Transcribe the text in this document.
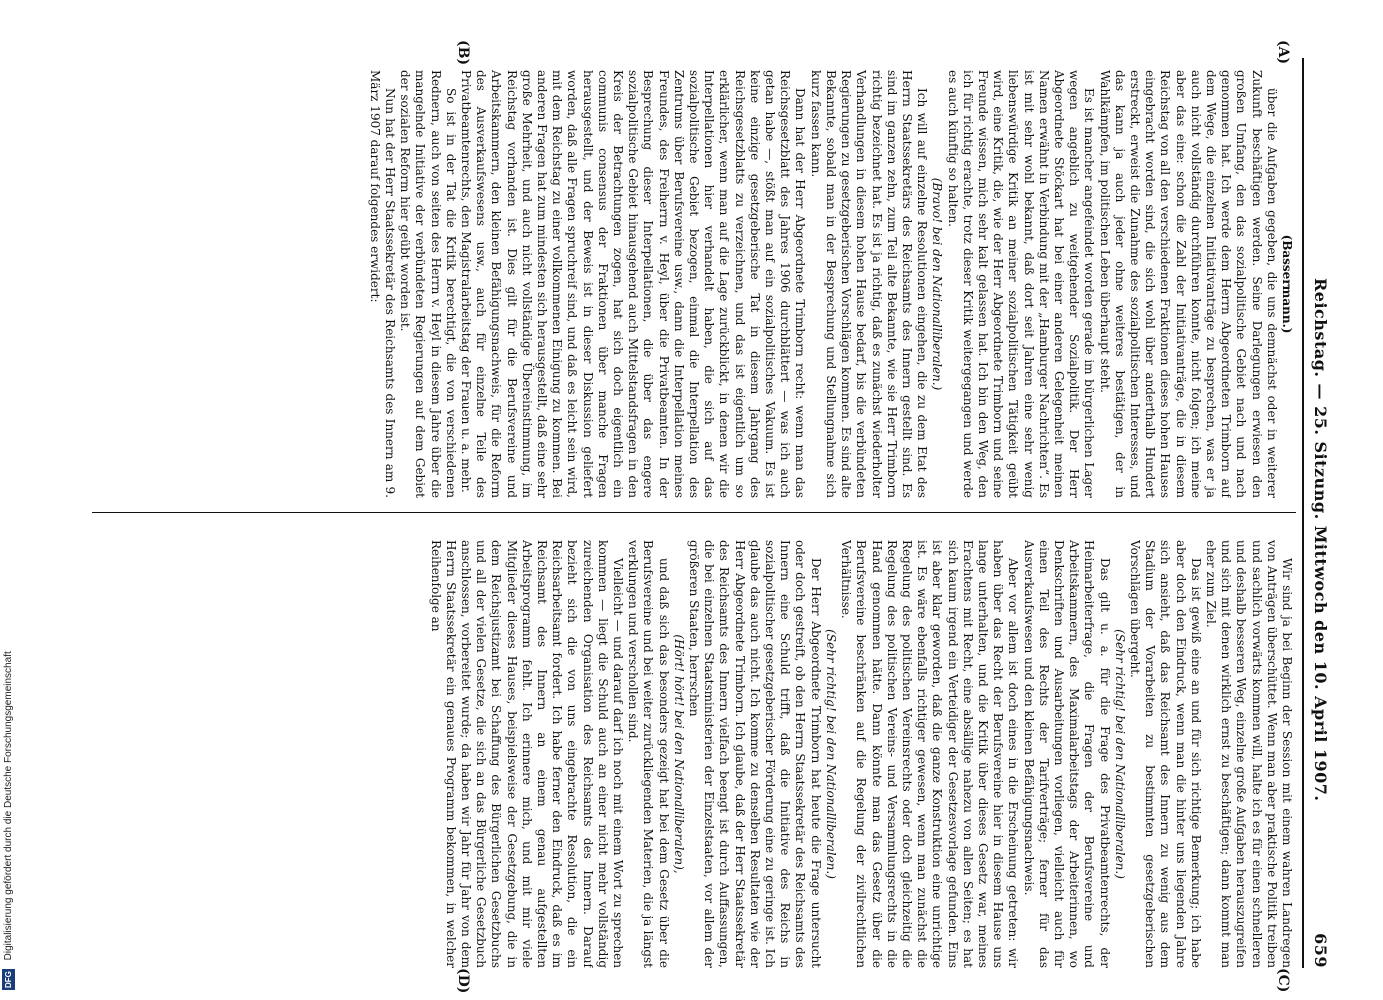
Reichstag. — 25. Sitzung. Mittwoch den 10. April 1907.
659
(A)
(B)
(C)
(D)

(Bassermann.)

über die Aufgaben gegeben, die uns demnächst oder in weiterer Zukunft beschäftigen werden. Seine Darlegungen erwiesen den großen Umfang, den das sozialpolitische Gebiet nach und nach genommen hat. Ich werde dem Herrn Abgeordneten Trimborn auf dem Wege, die einzelnen Initiativanträge zu besprechen, was er ja auch nicht vollständig durchführen konnte, nicht folgen; ich meine aber das eine: schon die Zahl der Initiativanträge, die in diesem Reichstag von all den verschiedenen Fraktionen dieses hohen Hauses eingebracht worden sind, die sich wohl über anderthalb Hundert erstreckt, erweist die Zunahme des sozialpolitischen Interesses, und das kann ja auch jeder ohne weiteres bestätigen, der in Wahlkämpfen, im politischen Leben überhaupt steht.

Es ist mancher angefeindet worden gerade im bürgerlichen Lager wegen angeblich zu weitgehender Sozialpolitik. Der Herr Abgeordnete Stöckart hat bei einer anderen Gelegenheit meinen Namen erwähnt in Verbindung mit der „Hamburger Nachrichten“. Es ist mit sehr wohl bekannt, daß dort seit Jahren eine sehr wenig liebenswürdige Kritik an meiner sozialpolitischen Tätigkeit geübt wird, eine Kritik, die, wie der Herr Abgeordnete Trimborn und seine Freunde wissen, mich sehr kalt gelassen hat. Ich bin den Weg, den ich für richtig erachte, trotz dieser Kritik weitergegangen und werde es auch künftig so halten.

(Bravo! bei den Nationalliberalen.)

Ich will auf einzelne Resolutionen eingehen, die zu dem Etat des Herrn Staatssekretärs des Reichsamts des Innern gestellt sind. Es sind im ganzen zehn, zum Teil alte Bekannte, wie sie Herr Trimborn richtig bezeichnet hat. Es ist ja richtig, daß es zunächst wiederholter Verhandlungen in diesem hohen Hause bedarf, bis die verbündeten Regierungen zu gesetzgeberischen Vorschlägen kommen. Es sind alte Bekannte, sobald man in der Besprechung und Stellungnahme sich kurz fassen kann.

Dann hat der Herr Abgeordnete Trimborn recht: wenn man das Reichsgesetzblatt des Jahres 1906 durchblättert — was ich auch getan habe —, stößt man auf ein sozialpolitisches Vakuum. Es ist keine einzige gesetzgeberische Tat in diesem Jahrgang des Reichsgesetzblatts zu verzeichnen, und das ist eigentlich um so erklärlicher, wenn man auf die Lage zurückblickt, in denen wir die Interpellationen hier verhandelt haben, die sich auf das sozialpolitische Gebiet bezogen, einmal die Interpellation des Zentrums über Berufsvereine usw., dann die Interpellation meines Freundes, des Freiherrn v. Heyl, über die Privatbeamten. In der Besprechung dieser Interpellationen, die über das engere sozialpolitische Gebiet hinausgehend auch Mittelstandsfragen in den Kreis der Betrachtungen zogen, hat sich doch eigentlich ein communis consensus der Fraktionen über manche Fragen herausgestellt, und der Beweis ist in dieser Diskussion geliefert worden, daß alle Fragen spruchreif sind, und daß es leicht sein wird, mit dem Reichstag zu einer vollkommenen Einigung zu kommen. Bei anderen Fragen hat zum mindesten sich herausgestellt, daß eine sehr große Mehrheit, und auch nicht vollständige Übereinstimmung, im Reichstag vorhanden ist. Dies gilt für die Berufsvereine und Arbeitskammern, den kleinen Befähigungsnachweis, für die Reform des Ausverkaufswesens usw., auch für einzelne Teile des Privatbeamtenrechts, den Magistralarbeitstag der Frauen u. a. mehr.

So ist in der Tat die Kritik berechtigt, die von verschiedenen Rednern, auch von seiten des Herrn v. Heyl in diesem Jahre über die mangelnde Initiative der verbündeten Regierungen auf dem Gebiet der sozialen Reform hier geübt worden ist.

Nun hat der Herr Staatssekretär des Reichsamts des Innern am 9. März 1907 darauf folgendes erwidert:

Wir sind ja bei Beginn der Session mit einem wahren Landregen von Anträgen überschüttet. Wenn man aber praktische Politik treiben und sachlich vorwärts kommen will, halte ich es für einen schnelleren und deshalb besseren Weg, einzelne große Aufgaben herauszugreifen und sich mit denen wirklich ernst zu beschäftigen; dann kommt man eher zum Ziel.

Das ist gewiß eine an und für sich richtige Bemerkung; ich habe aber doch den Eindruck, wenn man die hinter uns liegenden Jahre sich ansieht, daß das Reichsamt des Innern zu wenig aus dem Stadium der Vorarbeiten zu bestimmten gesetzgeberischen Vorschlägen übergeht.

(Sehr richtig! bei den Nationalliberalen.)

Das gilt u. a. für die Frage des Privatbeamtenrechts, der Heimarbeiterfrage, die Fragen der Berufsvereine und Arbeitskammern, des Maximalarbeitstags der Arbeiterinnen, wo Denkschriften und Ausarbeitungen vorliegen, vielleicht auch für einen Teil des Rechts der Tarifverträge; ferner für das Ausverkaufswesen und den kleinen Befähigungsnachweis.

Aber vor allem ist doch eines in die Erscheinung getreten: wir haben über das Recht der Berufsvereine hier in diesem Hause uns lange unterhalten, und die Kritik über dieses Gesetz war, meines Erachtens mit Recht, eine absällige nahezu von allen Seiten; es hat sich kaum irgend ein Verteidiger der Gesetzesvorlage gefunden. Eins ist aber klar geworden, daß die ganze Konstruktion eine unrichtige ist. Es wäre ebenfalls richtiger gewesen, wenn man zunächst die Regelung des politischen Vereinsrechts oder doch gleichzeitig die Regelung des politischen Vereins- und Versammlungsrechts in die Hand genommen hätte. Dann könnte man das Gesetz über die Berufsvereine beschränken auf die Regelung der zivilrechtlichen Verhältnisse.

(Sehr richtig! bei den Nationalliberalen.)

Der Herr Abgeordnete Trimborn hat heute die Frage untersucht oder doch gestreift, ob den Herrn Staatssekretär des Reichsamts des Innern eine Schuld trifft, daß die Initiative des Reichs in sozialpolitischer gesetzgeberischer Förderung eine zu geringe ist. Ich glaube das auch nicht. Ich komme zu denselben Resultaten wie der Herr Abgeordnete Trimborn. Ich glaube, daß der Herr Staatssekretär des Reichsamts des Innern vielfach beengt ist durch Auffassungen, die bei einzelnen Staatsministerien der Einzelstaaten, vor allem der größeren Staaten, herrschen

(Hört! hört! bei den Nationalliberalen),

und daß sich das besonders gezeigt hat bei dem Gesetz über die Berufsvereine und bei weiter zurückliegenden Materien, die ja längst verklungen und verschollen sind.

Vielleicht — und darauf darf ich noch mit einem Wort zu sprechen kommen — liegt die Schuld auch an einer nicht mehr vollständig zureichenden Organisation des Reichsamts des Innern. Darauf bezieht sich die von uns eingebrachte Resolution, die ein Reichsarbeitsamt fordert. Ich habe ferner den Eindruck, daß es im Reichsamt des Innern an einem genau aufgestellten Arbeitsprogramm fehlt. Ich erinnere mich, und mit mir viele Mitglieder dieses Hauses, beispielsweise der Gesetzgebung, die in dem Reichsjustizamt bei Schaffung des Bürgerlichen Gesetzbuchs und all der vielen Gesetze, die sich an das Bürgerliche Gesetzbuch anschlossen, vorbereitet wurde; da haben wir Jahr für Jahr von dem Herrn Staatssekretär ein genaues Programm bekommen, in welcher Reihenfolge an

DFG Digitalisierung gefördert durch die Deutsche Forschungsgemeinschaft
